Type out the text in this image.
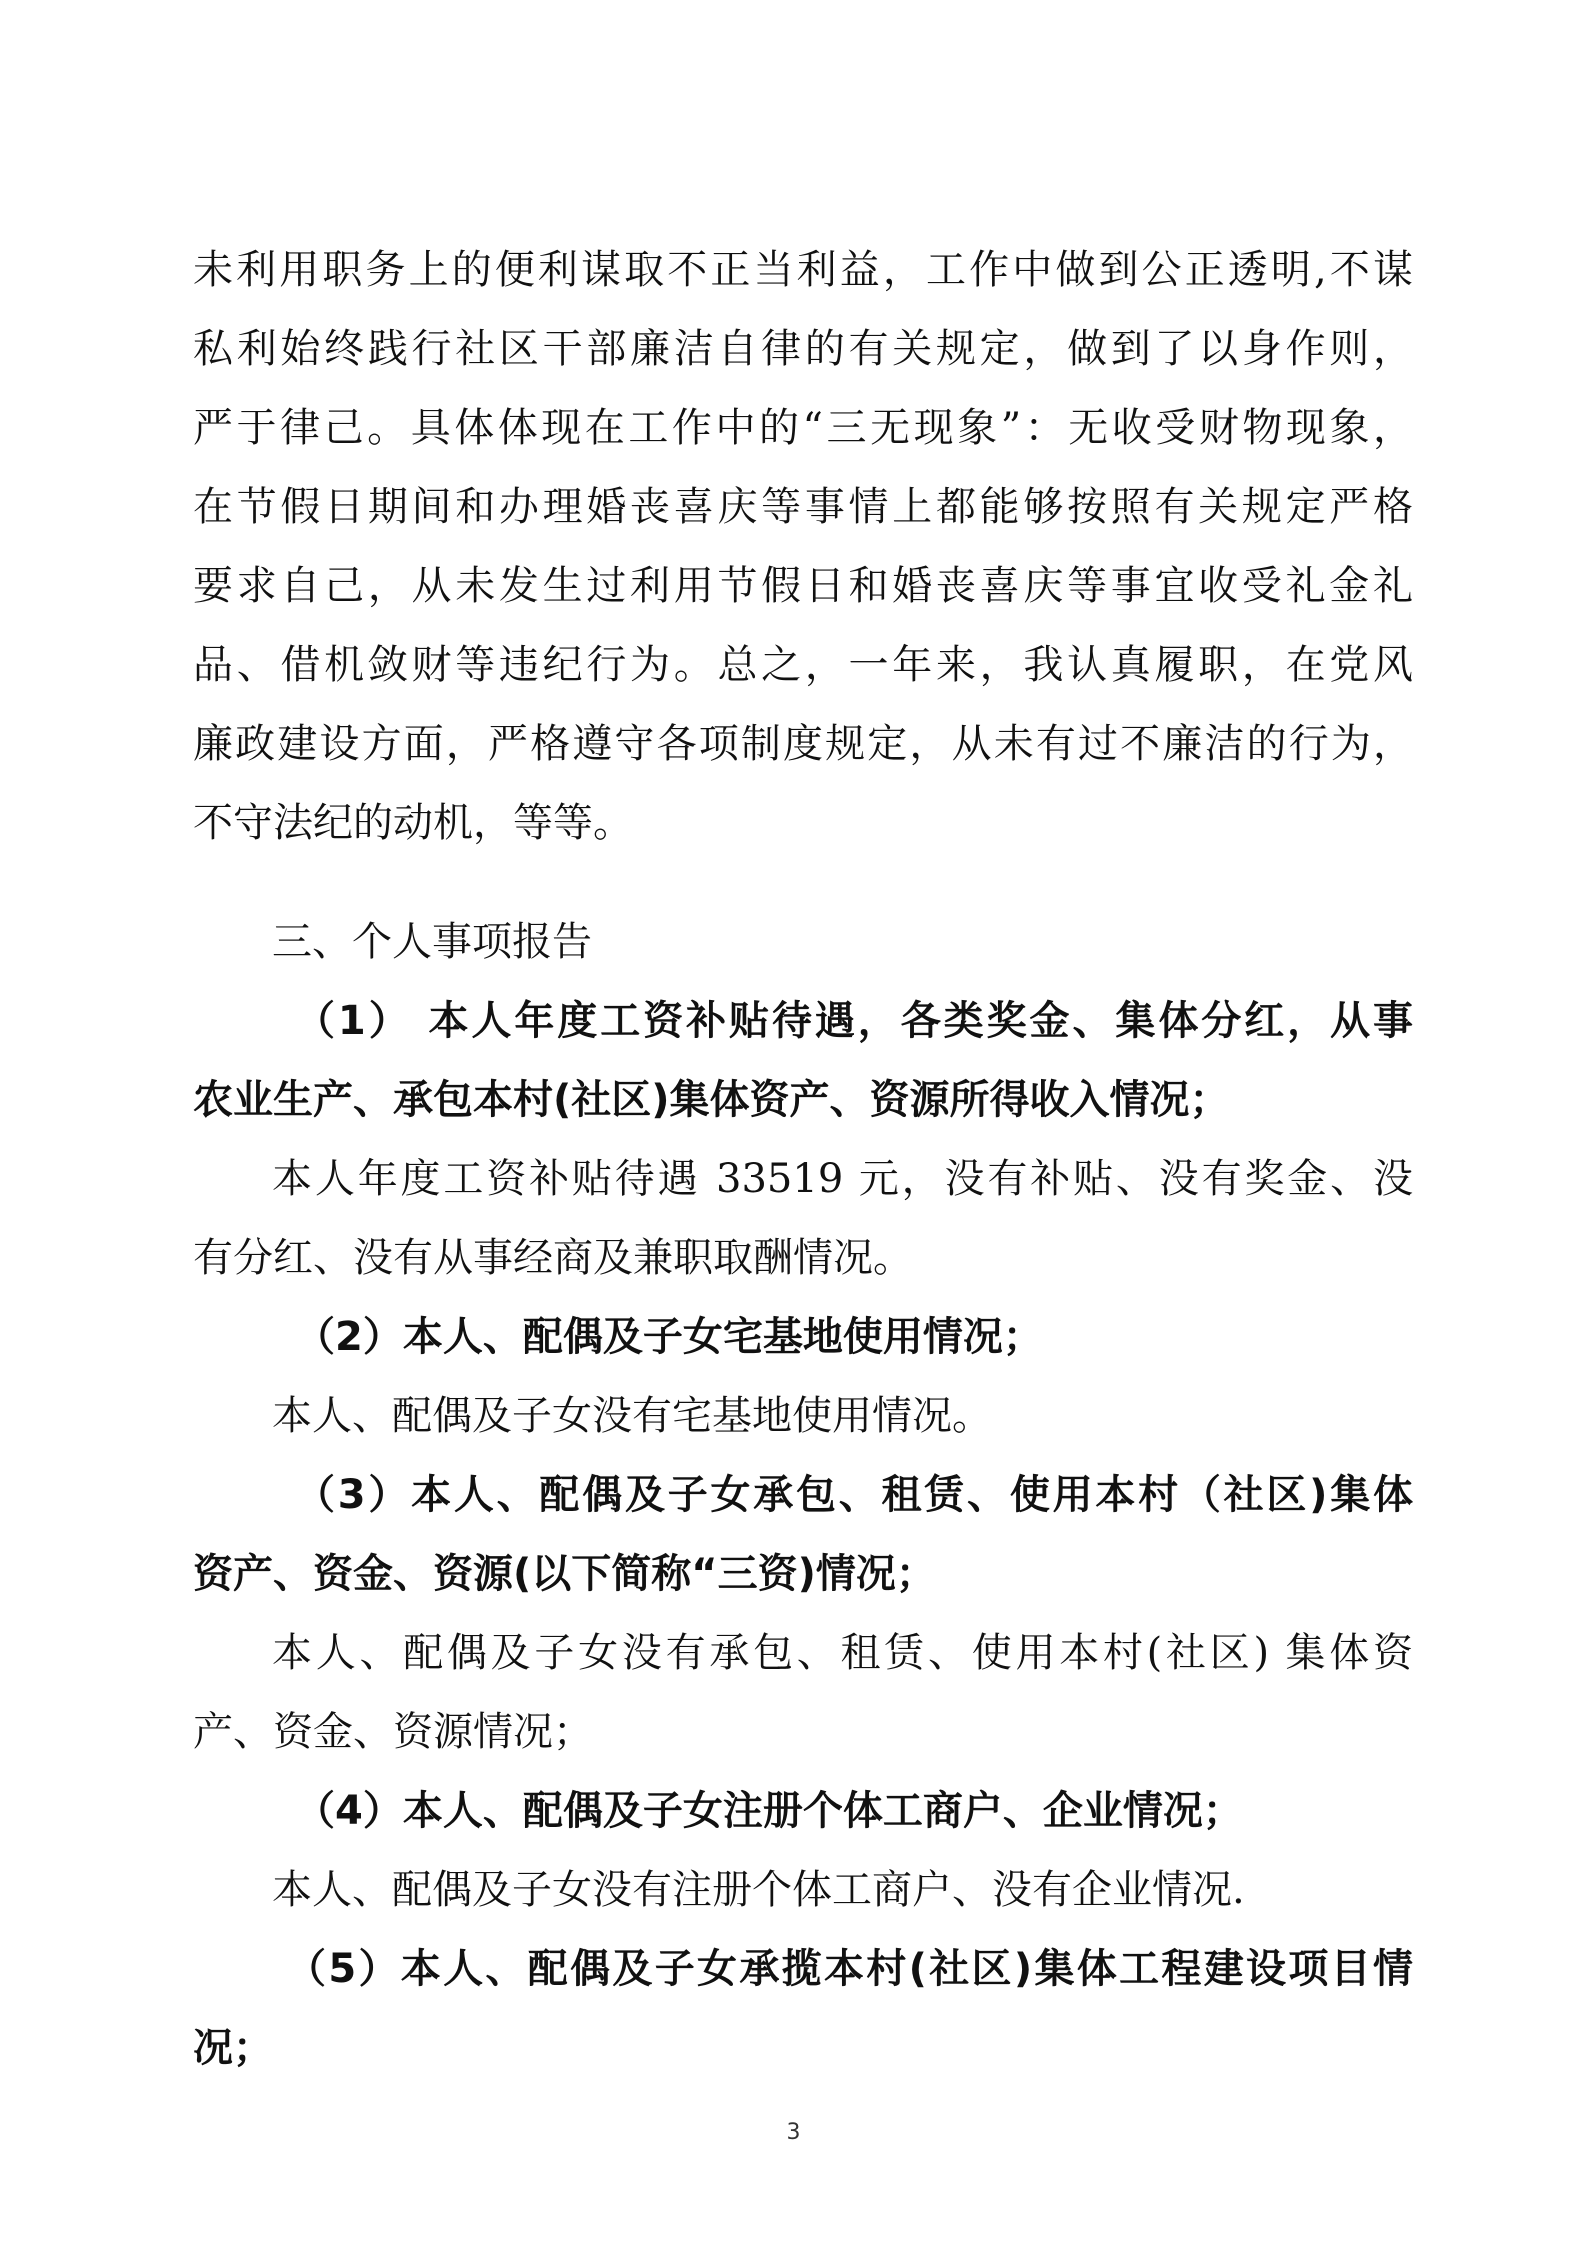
未利用职务上的便利谋取不正当利益，工作中做到公正透明,不谋
私利始终践行社区干部廉洁自律的有关规定，做到了以身作则，
严于律己。具体体现在工作中的“三无现象”：无收受财物现象，
在节假日期间和办理婚丧喜庆等事情上都能够按照有关规定严格
要求自己，从未发生过利用节假日和婚丧喜庆等事宜收受礼金礼
品、借机敛财等违纪行为。总之，一年来，我认真履职，在党风
廉政建设方面，严格遵守各项制度规定，从未有过不廉洁的行为，
不守法纪的动机，等等。
三、个人事项报告
（1） 本人年度工资补贴待遇，各类奖金、集体分红，从事
农业生产、承包本村(社区)集体资产、资源所得收入情况；
本人年度工资补贴待遇 33519 元，没有补贴、没有奖金、没
有分红、没有从事经商及兼职取酬情况。
（2）本人、配偶及子女宅基地使用情况；
本人、配偶及子女没有宅基地使用情况。
（3）本人、配偶及子女承包、租赁、使用本村（社区)集体
资产、资金、资源(以下简称“三资)情况；
本人、配偶及子女没有承包、租赁、使用本村(社区) 集体资
产、资金、资源情况；
（4）本人、配偶及子女注册个体工商户、企业情况；
本人、配偶及子女没有注册个体工商户、没有企业情况.
（5）本人、配偶及子女承揽本村(社区)集体工程建设项目情
况；
3
